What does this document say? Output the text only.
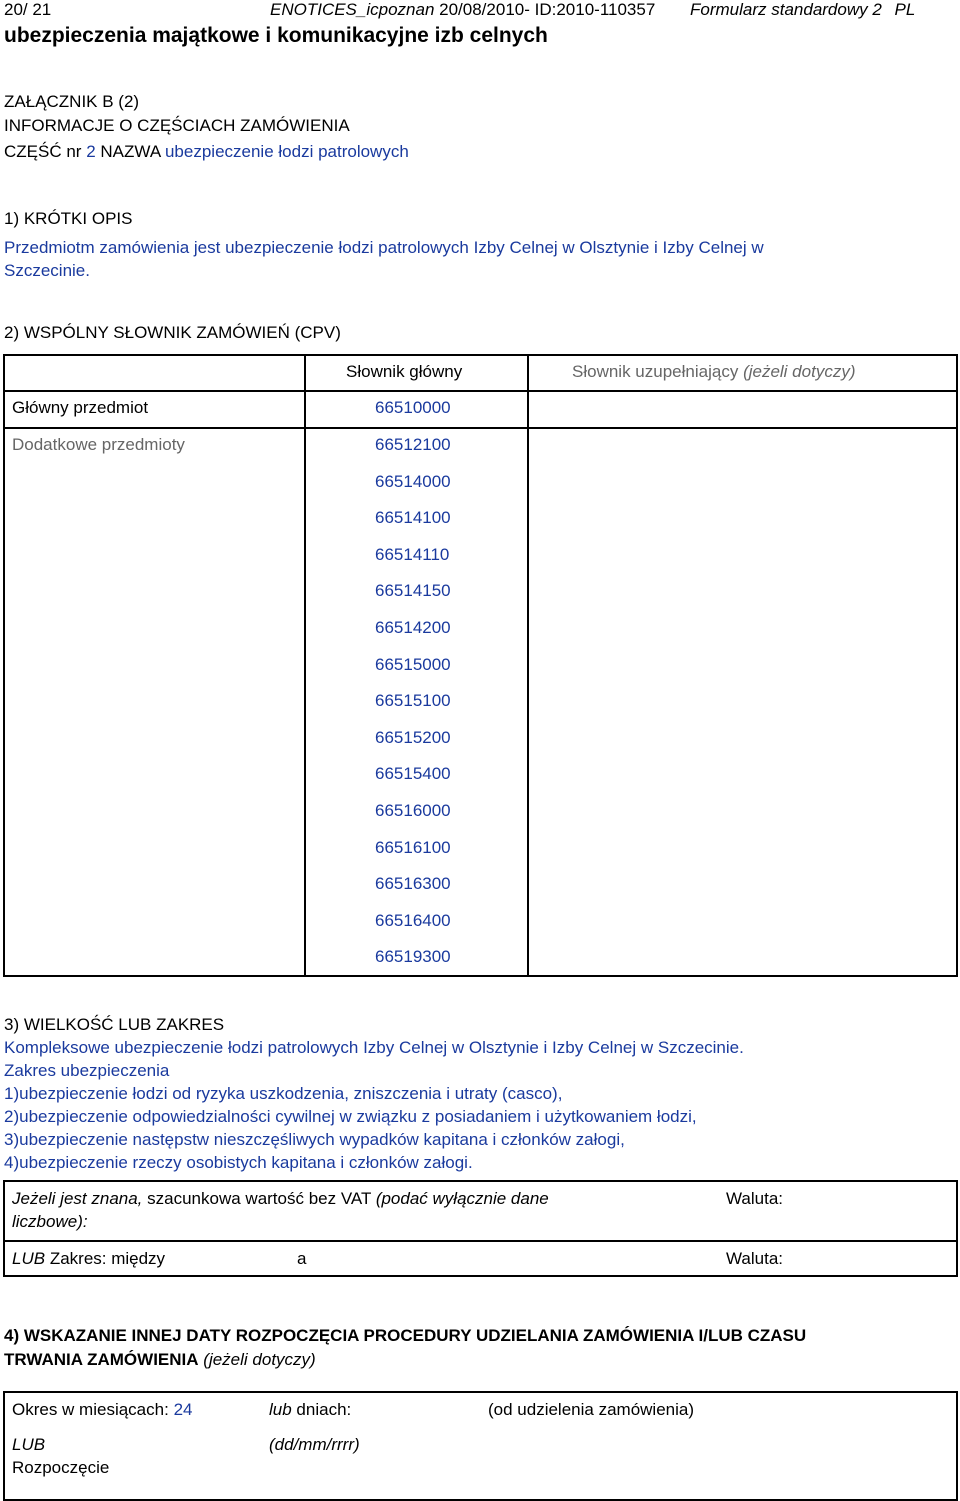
20/ 21	ENOTICES_icpoznan 20/08/2010- ID:2010-110357 Formularz standardowy 2 PL
ubezpieczenia majątkowe i komunikacyjne izb celnych
ZAŁĄCZNIK B (2)
INFORMACJE O CZĘŚCIACH ZAMÓWIENIA
CZĘŚĆ nr 2 NAZWA ubezpieczenie łodzi patrolowych
1) KRÓTKI OPIS
Przedmiotm zamówienia jest ubezpieczenie łodzi patrolowych Izby Celnej w Olsztynie i Izby Celnej w
Szczecinie.
2) WSPÓLNY SŁOWNIK ZAMÓWIEŃ (CPV)
Słownik główny	Słownik uzupełniający (jeżeli dotyczy)
Główny przedmiot	66510000
Dodatkowe przedmioty	66512100
66514000
66514100
66514110
66514150
66514200
66515000
66515100
66515200
66515400
66516000
66516100
66516300
66516400
66519300
3) WIELKOŚĆ LUB ZAKRES
Kompleksowe ubezpieczenie łodzi patrolowych Izby Celnej w Olsztynie i Izby Celnej w Szczecinie.
Zakres ubezpieczenia
1)ubezpieczenie łodzi od ryzyka uszkodzenia, zniszczenia i utraty (casco),
2)ubezpieczenie odpowiedzialności cywilnej w związku z posiadaniem i użytkowaniem łodzi,
3)ubezpieczenie następstw nieszczęśliwych wypadków kapitana i członków załogi,
4)ubezpieczenie rzeczy osobistych kapitana i członków załogi.
Jeżeli jest znana, szacunkowa wartość bez VAT (podać wyłącznie dane
liczbowe):
Waluta:
LUB Zakres: między	a	Waluta:
4) WSKAZANIE INNEJ DATY ROZPOCZĘCIA PROCEDURY UDZIELANIA ZAMÓWIENIA I/LUB CZASU
TRWANIA ZAMÓWIENIA (jeżeli dotyczy)
Okres w miesiącach: 24	lub dniach:	(od udzielenia zamówienia)
LUB
Rozpoczęcie
(dd/mm/rrrr)
